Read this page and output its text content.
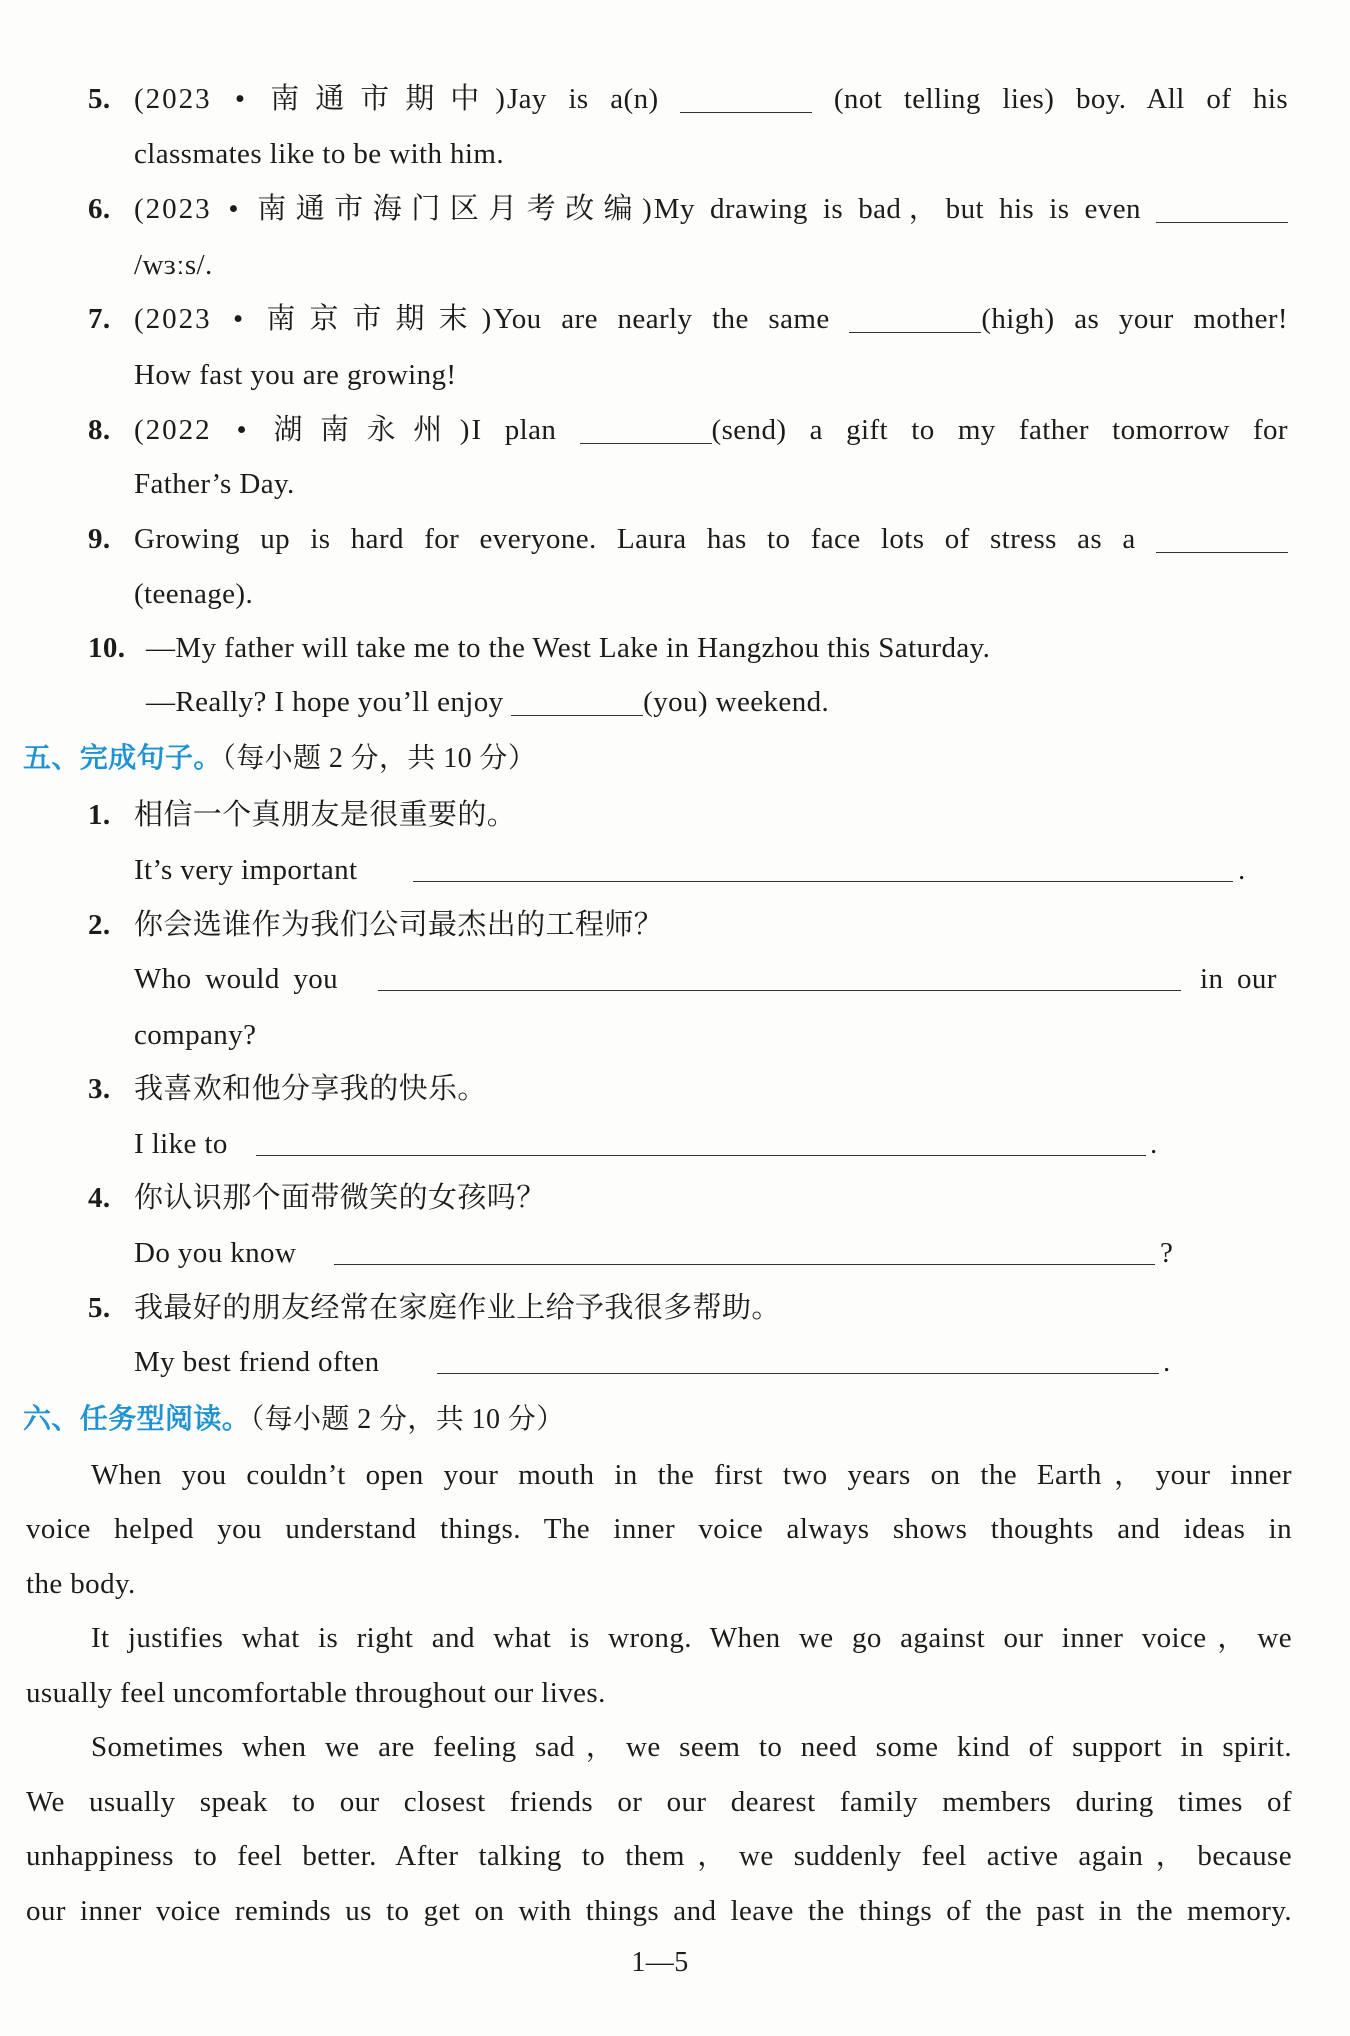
5. (2023 • 南通市期中)Jay is a(n)	(not telling lies) boy. All of his
classmates like to be with him.
6. (2023 • 南通市海门区月考改编)My drawing is bad，but his is even
/wɜːs/.
7. (2023 • 南京市期末)You are nearly the same	(high) as your mother!
How fast you are growing!
8. (2022 • 湖南永州)I plan	(send) a gift to my father tomorrow for
Father’s Day.
9. Growing up is hard for everyone. Laura has to face lots of stress as a
(teenage).
10. —My father will take me to the West Lake in Hangzhou this Saturday.
—Really? I hope you’ll enjoy	(you) weekend.
五、完成句子。（每小题 2 分，共 10 分）
1. 相信一个真朋友是很重要的。
It’s very important	.
2. 你会选谁作为我们公司最杰出的工程师？
Who would you	in our
company?
3. 我喜欢和他分享我的快乐。
I like to	.
4. 你认识那个面带微笑的女孩吗？
Do you know	?
5. 我最好的朋友经常在家庭作业上给予我很多帮助。
My best friend often	.
六、任务型阅读。（每小题 2 分，共 10 分）
When you couldn’t open your mouth in the first two years on the Earth，your inner
voice helped you understand things. The inner voice always shows thoughts and ideas in
the body.
It justifies what is right and what is wrong. When we go against our inner voice，we
usually feel uncomfortable throughout our lives.
Sometimes when we are feeling sad，we seem to need some kind of support in spirit.
We usually speak to our closest friends or our dearest family members during times of
unhappiness to feel better. After talking to them，we suddenly feel active again，because
our inner voice reminds us to get on with things and leave the things of the past in the memory.
1—5
